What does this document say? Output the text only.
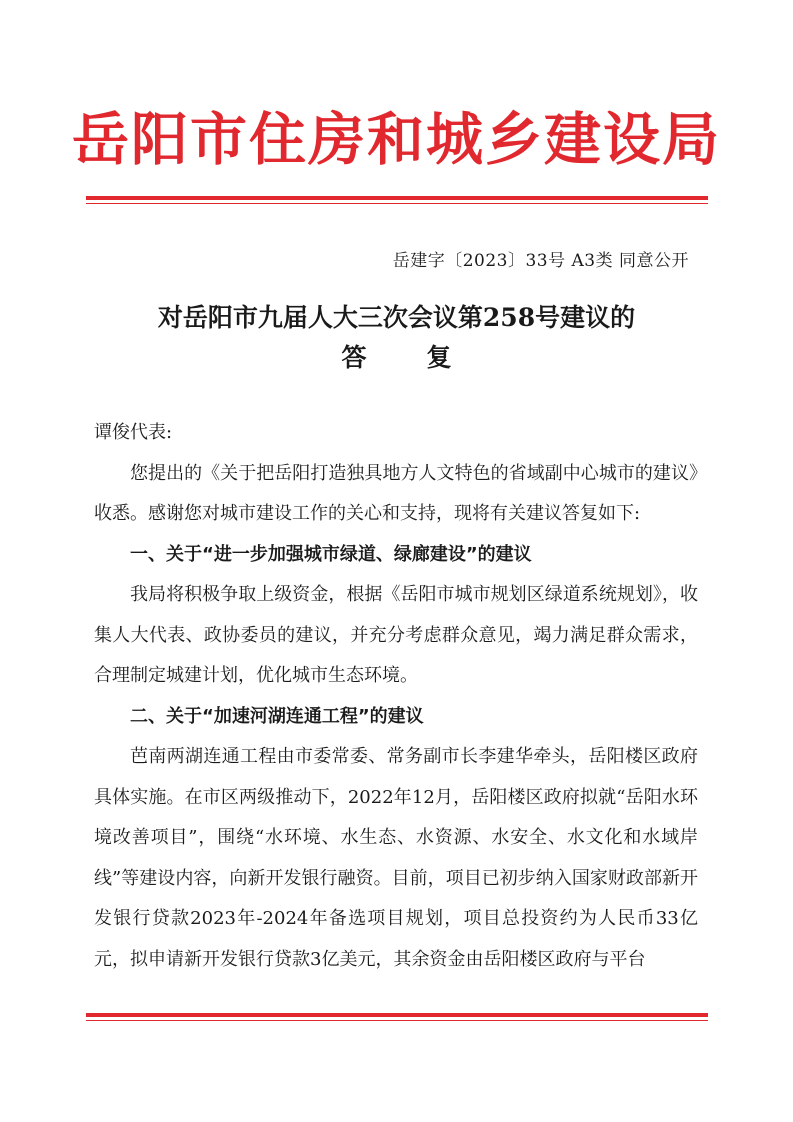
岳阳市住房和城乡建设局
岳建字〔2023〕33号 A3类 同意公开
对岳阳市九届人大三次会议第258号建议的
答复

谭俊代表:

您提出的《关于把岳阳打造独具地方人文特色的省域副中心城市的建议》收悉。感谢您对城市建设工作的关心和支持，现将有关建议答复如下:

一、关于“进一步加强城市绿道、绿廊建设”的建议

我局将积极争取上级资金，根据《岳阳市城市规划区绿道系统规划》，收集人大代表、政协委员的建议，并充分考虑群众意见，竭力满足群众需求，合理制定城建计划，优化城市生态环境。

二、关于“加速河湖连通工程”的建议

芭南两湖连通工程由市委常委、常务副市长李建华牵头，岳阳楼区政府具体实施。在市区两级推动下，2022年12月，岳阳楼区政府拟就“岳阳水环境改善项目”，围绕“水环境、水生态、水资源、水安全、水文化和水域岸线”等建设内容，向新开发银行融资。目前，项目已初步纳入国家财政部新开发银行贷款2023年-2024年备选项目规划，项目总投资约为人民币33亿元，拟申请新开发银行贷款3亿美元，其余资金由岳阳楼区政府与平台
